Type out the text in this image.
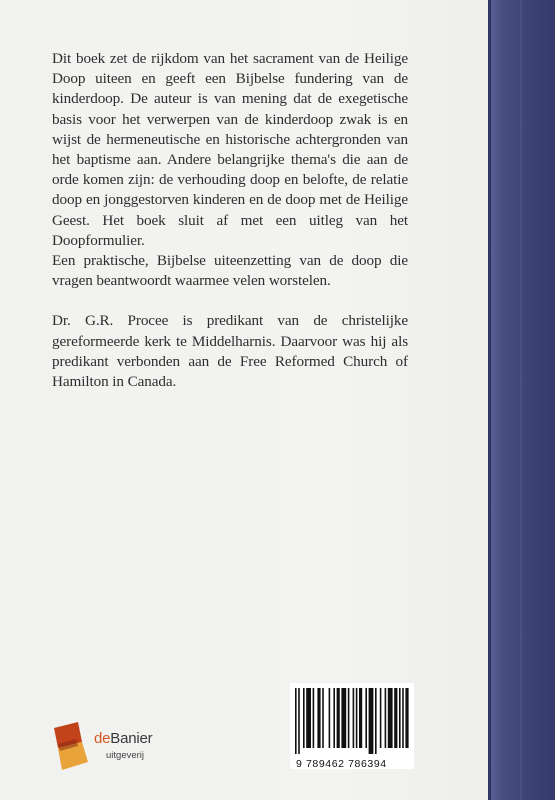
Dit boek zet de rijkdom van het sacrament van de Heilige Doop uiteen en geeft een Bijbelse fundering van de kinderdoop. De auteur is van mening dat de exegetische basis voor het verwerpen van de kinderdoop zwak is en wijst de hermeneutische en historische achtergronden van het baptisme aan. Andere belangrijke thema's die aan de orde komen zijn: de verhouding doop en belofte, de relatie doop en jonggestorven kinderen en de doop met de Heilige Geest. Het boek sluit af met een uitleg van het Doopformulier.

Een praktische, Bijbelse uiteenzetting van de doop die vragen beantwoordt waarmee velen worstelen.

Dr. G.R. Procee is predikant van de christelijke gereformeerde kerk te Middelharnis. Daarvoor was hij als predikant verbonden aan de Free Reformed Church of Hamilton in Canada.

deBanier
uitgeverij
9 789462 786394
